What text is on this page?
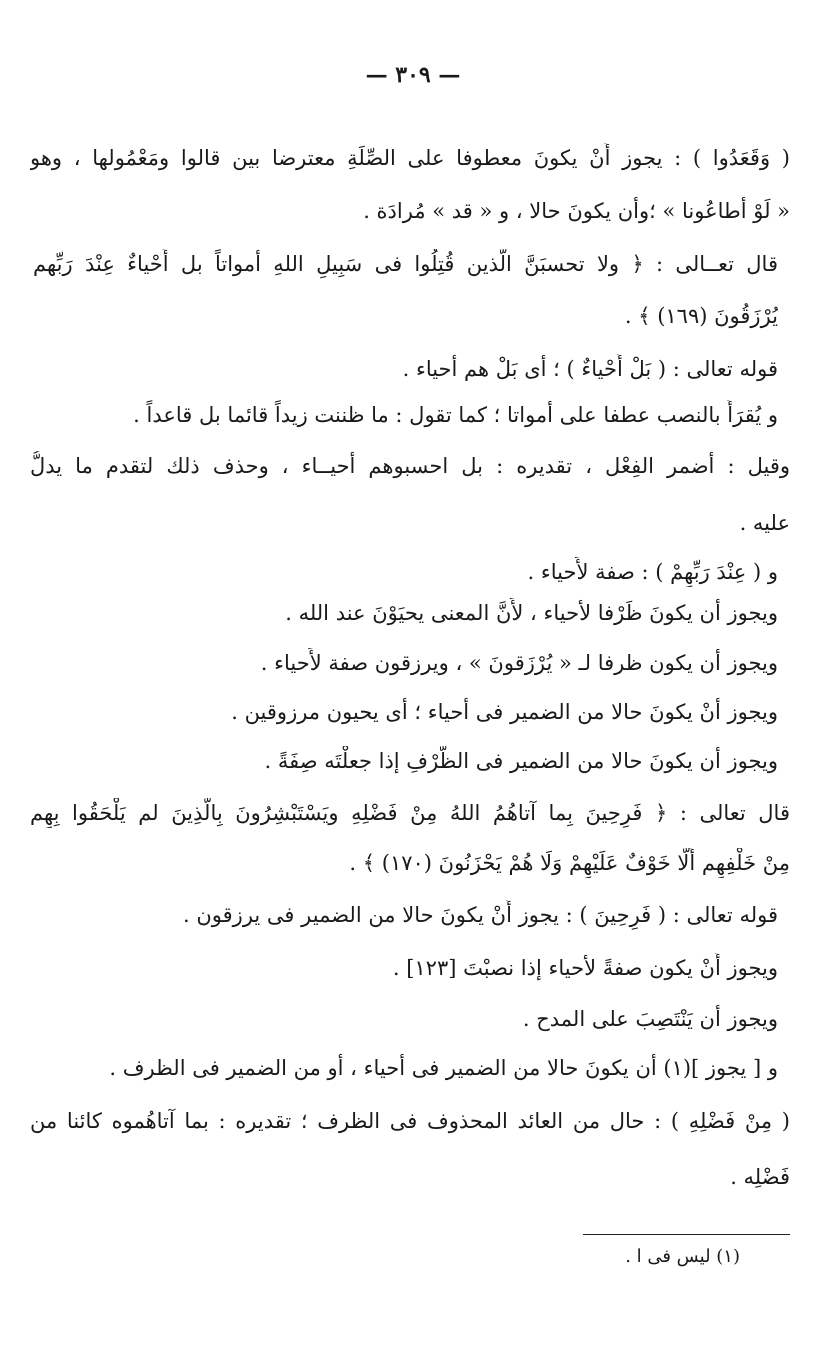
— ٣٠٩ —
( وَقَعَدُوا ) : يجوز أَنْ يكونَ معطوفا على الصِّلَةِ معترضا بين قالوا ومَعْمُولها ، وهو
« لَوْ أطاعُونا » ؛وأن يكونَ حالا ، و « قد » مُرادَة .
قال تعــالى : ﴿ ولا تحسبَنَّ الَّذين قُتِلُوا فى سَبِيلِ اللهِ أمواتاً بل أَحْياءٌ عِنْدَ رَبِّهم
يُرْزَقُونَ (١٦٩) ﴾ .
قوله تعالى : ( بَلْ أَحْياءٌ ) ؛ أى بَلْ هم أحياء .
و يُقرَأُ بالنصب عطفا على أمواتا ؛ كما تقول : ما ظننت زيداً قائما بل قاعداً .
وقيل : أضمر الفِعْل ، تقديره : بل احسبوهم أحيــاء ، وحذف ذلك لتقدم ما يدلُّ
عليه .
و ( عِنْدَ رَبِّهِمْ ) : صفة لأَحياء .
ويجوز أن يكونَ ظَرْفا لأحياء ، لأَنَّ المعنى يحيَوْنَ عند الله .
ويجوز أن يكون ظرفا لـ « يُرْزَقونَ » ، ويرزقون صفة لأَحياء .
ويجوز أنْ يكونَ حالا من الضمير فى أحياء ؛ أى يحيون مرزوقين .
ويجوز أن يكونَ حالا من الضمير فى الظَّرْفِ إذا جعلْتَه صِفَةً .
قال تعالى : ﴿ فَرِحِينَ بِما آتاهُمُ اللهُ مِنْ فَضْلِهِ ويَسْتَبْشِرُونَ بِالَّذِينَ لم يَلْحَقُوا بِهِم
مِنْ خَلْفِهِم أَلَّا خَوْفٌ عَلَيْهِمْ وَلَا هُمْ يَحْزَنُونَ (١٧٠) ﴾ .
قوله تعالى : ( فَرِحِينَ ) : يجوز أَنْ يكونَ حالا من الضمير فى يرزقون .
ويجوز أَنْ يكون صفةً لأحياء إذا نصبْتَ [١٢٣] .
ويجوز أن يَنْتَصِبَ على المدح .
و [ يجوز ](١) أن يكونَ حالا من الضمير فى أحياء ، أو من الضمير فى الظرف .
( مِنْ فَضْلِهِ ) : حال من العائد المحذوف فى الظرف ؛ تقديره : بما آتاهُموه كائنا من
فَضْلِه .
(١) ليس فى ا .
